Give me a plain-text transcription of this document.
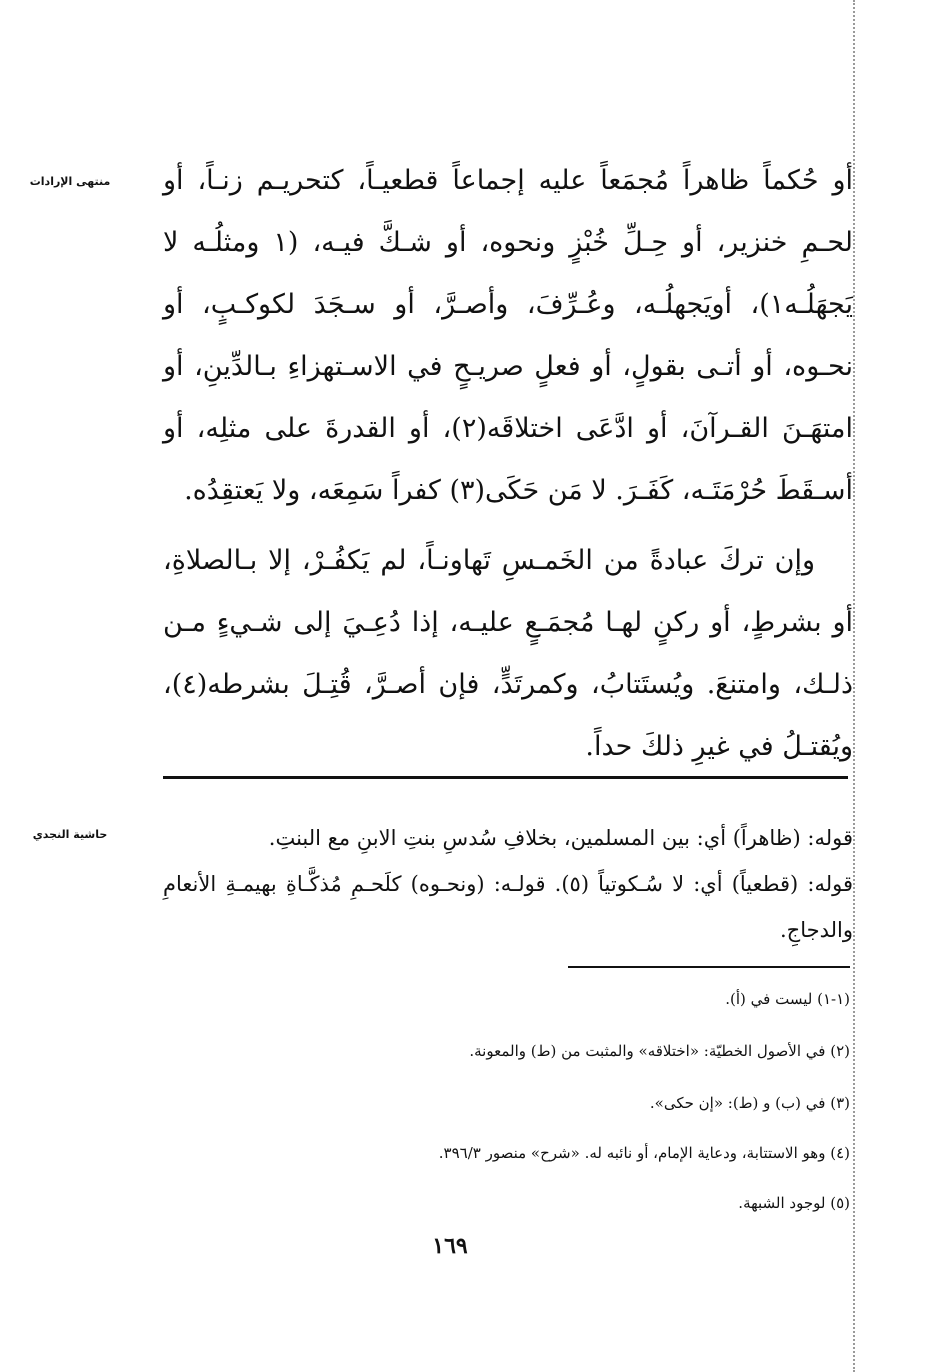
منتهى الإرادات	أو حُكماً ظاهراً مُجمَعاً عليه إجماعاً قطعيـاً، كتحريـم زنـاً، أو لحـمِ خنزير، أو حِـلِّ خُبْزٍ ونحوه، أو شـكَّ فيـه، (١ ومثلُـه لا يَجهَلُـه١)، أويَجهلُـه، وعُـرِّفَ، وأصـرَّ، أو سـجَدَ لكوكـبٍ، أو نحـوه، أو أتـى بقولٍ، أو فعلٍ صريـحٍ في الاسـتهزاءِ بـالدِّينِ، أو امتهَـنَ القـرآنَ، أو ادَّعَى اختلاقَه(٢)، أو القدرةَ على مثلِه، أو أسـقَطَ حُرْمَتَـه، كَفَـرَ. لا مَن حَكَى(٣) كفراً سَمِعَه، ولا يَعتقِدُه.

وإن تركَ عبادةً من الخَمـسِ تَهاونـاً، لم يَكفُـرْ، إلا بـالصلاةِ، أو بشرطٍ، أو ركنٍ لهـا مُجمَـعٍ عليـه، إذا دُعِـيَ إلى شـيءٍ مـن ذلـك، وامتنعَ. ويُستَتابُ، وكمرتَدٍّ، فإن أصـرَّ، قُتِـلَ بشرطه(٤)، ويُقتـلُ في غيرِ ذلكَ حداً.

حاشية النجدي	قوله: (ظاهراً) أي: بين المسلمين، بخلافِ سُدسِ بنتِ الابنِ مع البنتِ.

قوله: (قطعياً) أي: لا سُـكوتياً (٥). قولـه: (ونحـوه) كلَحـمِ مُذكَّـاةِ بهيمـةِ الأنعامِ والدجاجِ.

(١-١) ليست في (أ).
(٢) في الأصول الخطيّة: «اختلاقه» والمثبت من (ط) والمعونة.
(٣) في (ب) و (ط): «إن حكى».
(٤) وهو الاستتابة، ودعاية الإمام، أو نائبه له. «شرح» منصور ٣٩٦/٣.
(٥) لوجود الشبهة.
١٦٩
